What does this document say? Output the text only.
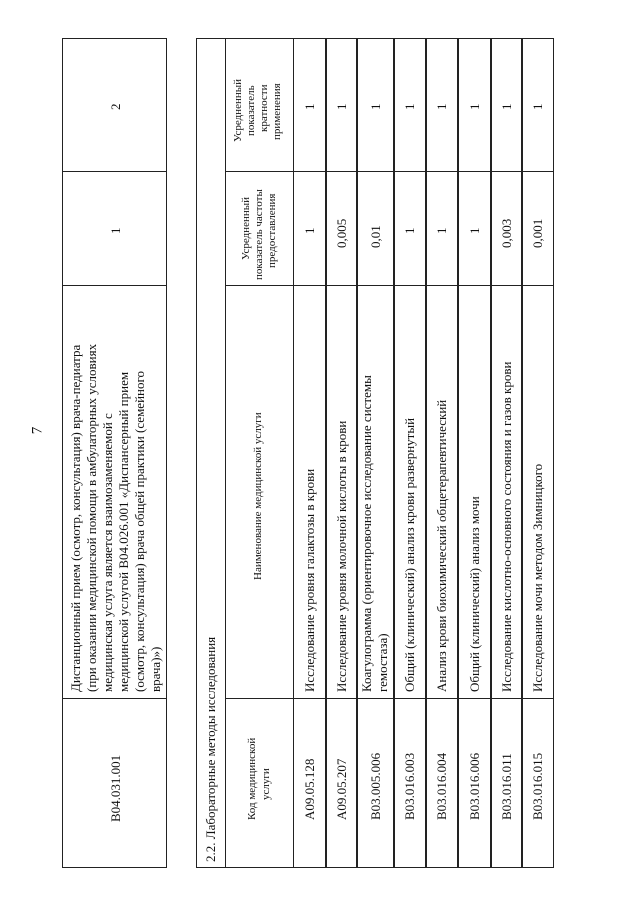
7
B04.031.001
Дистанционный прием (осмотр, консультация) врача-педиатра (при оказании медицинской помощи в амбулаторных условиях медицинская услуга является взаимозаменяемой с медицинской услугой B04.026.001 «Диспансерный прием (осмотр, консультация) врача общей практики (семейного врача)»)
1
2
2.2. Лабораторные методы исследования	Код медицинской услуги
Наименование медицинской услуги
Усредненный показатель частоты предоставления
Усредненный показатель кратности применения
A09.05.128
Исследование уровня галактозы в крови
1
1
A09.05.207
Исследование уровня молочной кислоты в крови
0,005
1
B03.005.006
Коагулограмма (ориентировочное исследование системы гемостаза)
0,01
1
B03.016.003
Общий (клинический) анализ крови развернутый
1
1
B03.016.004
Анализ крови биохимический общетерапевтический
1
1
B03.016.006
Общий (клинический) анализ мочи
1
1
B03.016.011
Исследование кислотно-основного состояния и газов крови
0,003
1
B03.016.015
Исследование мочи методом Зимницкого
0,001
1
